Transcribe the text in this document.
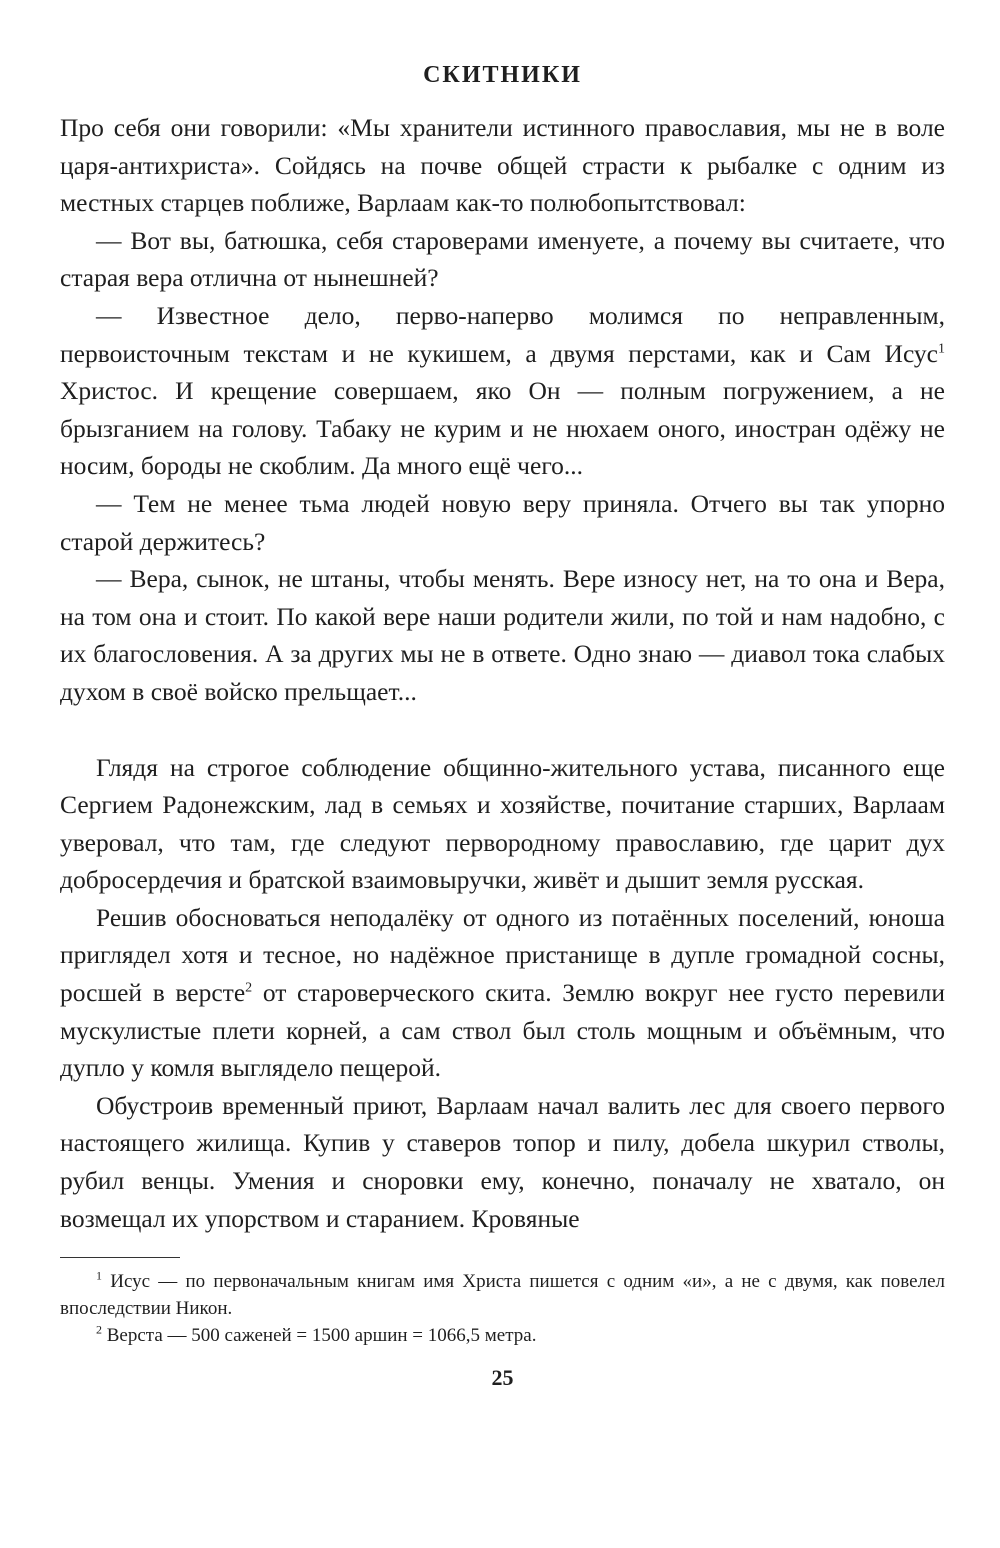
СКИТНИКИ

Про себя они говорили: «Мы хранители истинного православия, мы не в воле царя-антихриста». Сойдясь на почве общей страсти к рыбалке с одним из местных старцев поближе, Варлаам как-то полюбопытствовал:

— Вот вы, батюшка, себя староверами именуете, а почему вы считаете, что старая вера отлична от нынешней?

— Известное дело, перво-наперво молимся по неправленным, первоисточным текстам и не кукишем, а двумя перстами, как и Сам Исус$^1$ Христос. И крещение совершаем, яко Он — полным погружением, а не брызганием на голову. Табаку не курим и не нюхаем оного, иностран одёжу не носим, бороды не скоблим. Да много ещё чего...

— Тем не менее тьма людей новую веру приняла. Отчего вы так упорно старой держитесь?

— Вера, сынок, не штаны, чтобы менять. Вере износу нет, на то она и Вера, на том она и стоит. По какой вере наши родители жили, по той и нам надобно, с их благословения. А за других мы не в ответе. Одно знаю — диавол тока слабых духом в своё войско прельщает...

Глядя на строгое соблюдение общинно-жительного устава, писанного еще Сергием Радонежским, лад в семьях и хозяйстве, почитание старших, Варлаам уверовал, что там, где следуют первородному православию, где царит дух добросердечия и братской взаимовыручки, живёт и дышит земля русская.

Решив обосноваться неподалёку от одного из потаённых поселений, юноша приглядел хотя и тесное, но надёжное пристанище в дупле громадной сосны, росшей в версте$^2$ от староверческого скита. Землю вокруг нее густо перевили мускулистые плети корней, а сам ствол был столь мощным и объёмным, что дупло у комля выглядело пещерой.

Обустроив временный приют, Варлаам начал валить лес для своего первого настоящего жилища. Купив у ставеров топор и пилу, добела шкурил стволы, рубил венцы. Умения и сноровки ему, конечно, поначалу не хватало, он возмещал их упорством и старанием. Кровяные

$^1$ Исус — по первоначальным книгам имя Христа пишется с одним «и», а не с двумя, как повелел впоследствии Никон.

$^2$ Верста — 500 саженей = 1500 аршин = 1066,5 метра.

25
